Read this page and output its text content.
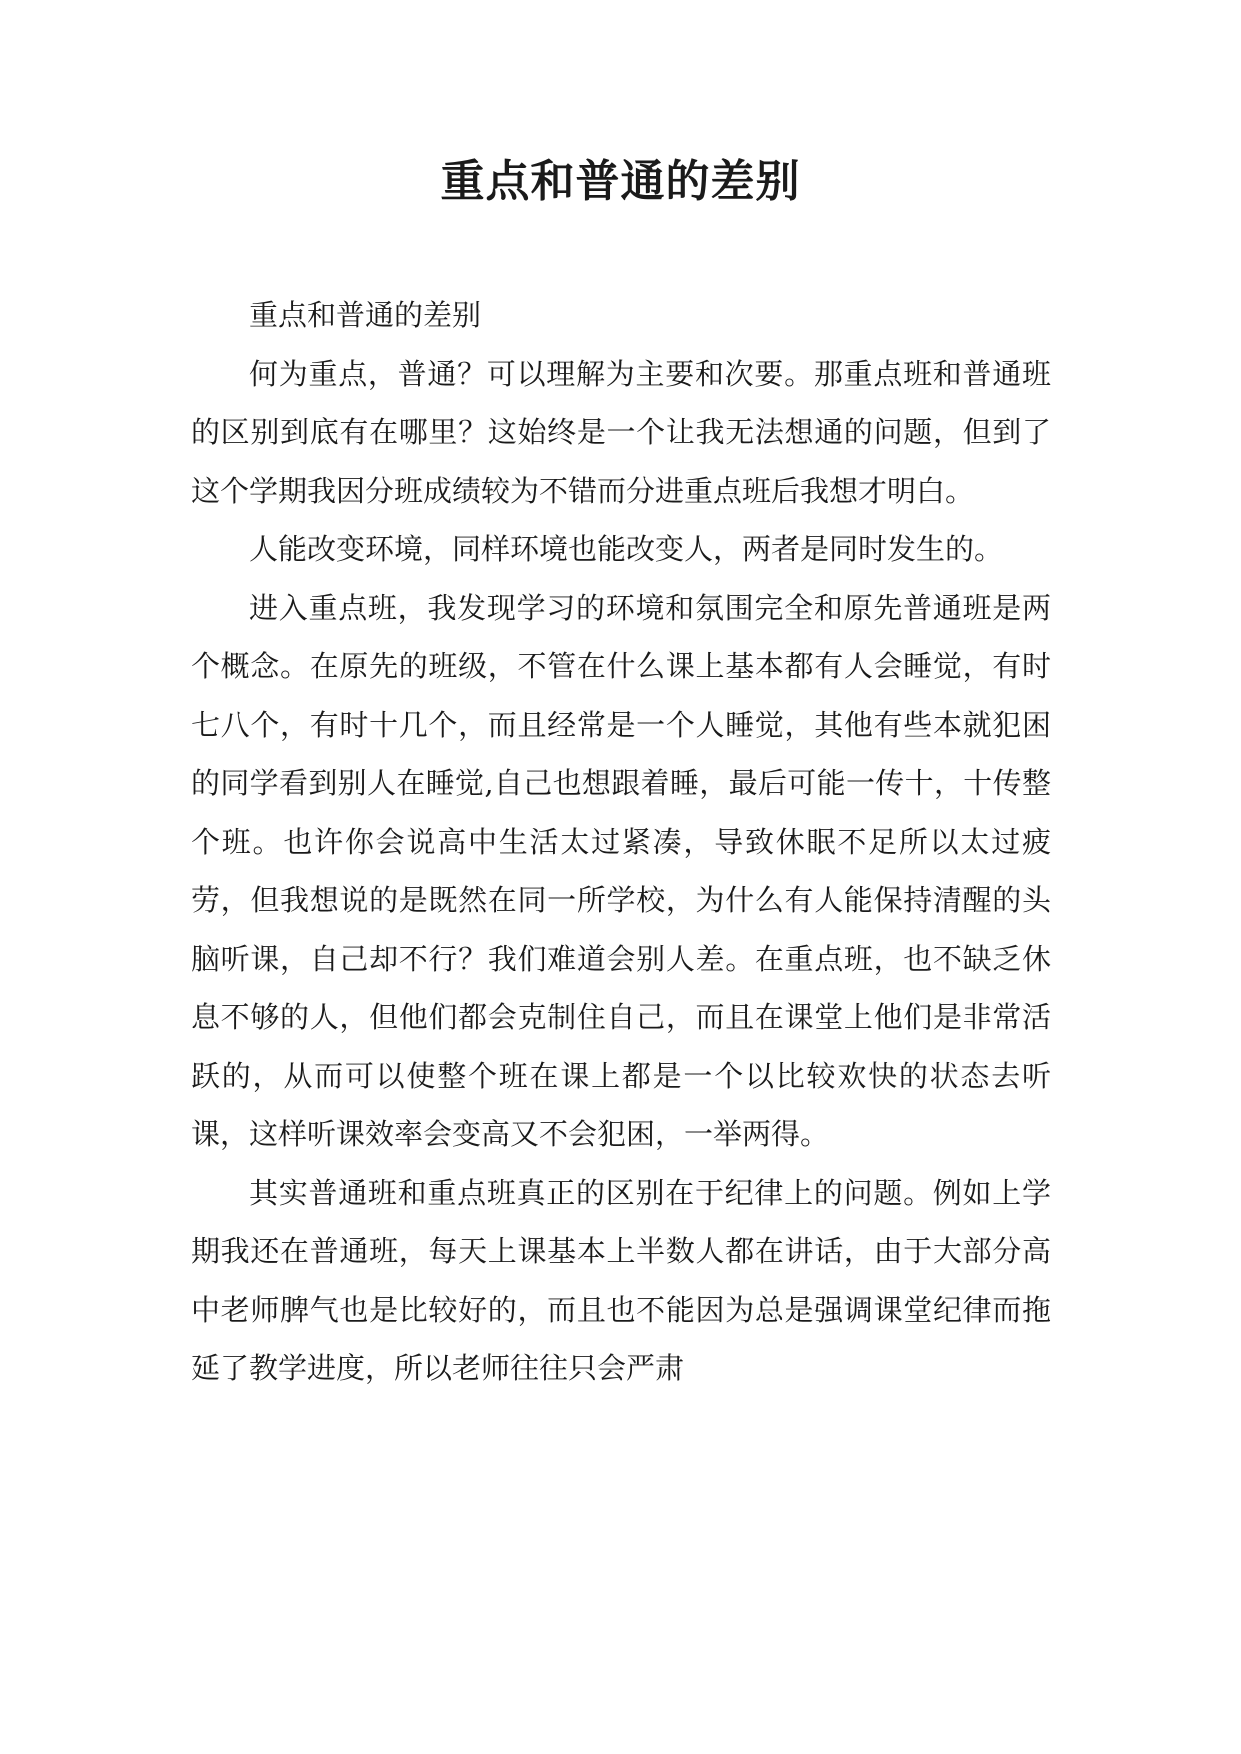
重点和普通的差别

重点和普通的差别

何为重点，普通？可以理解为主要和次要。那重点班和普通班的区别到底有在哪里？这始终是一个让我无法想通的问题，但到了这个学期我因分班成绩较为不错而分进重点班后我想才明白。

人能改变环境，同样环境也能改变人，两者是同时发生的。

进入重点班，我发现学习的环境和氛围完全和原先普通班是两个概念。在原先的班级，不管在什么课上基本都有人会睡觉，有时七八个，有时十几个，而且经常是一个人睡觉，其他有些本就犯困的同学看到别人在睡觉,自己也想跟着睡，最后可能一传十，十传整个班。也许你会说高中生活太过紧凑，导致休眠不足所以太过疲劳，但我想说的是既然在同一所学校，为什么有人能保持清醒的头脑听课，自己却不行？我们难道会别人差。在重点班，也不缺乏休息不够的人，但他们都会克制住自己，而且在课堂上他们是非常活跃的，从而可以使整个班在课上都是一个以比较欢快的状态去听课，这样听课效率会变高又不会犯困，一举两得。

其实普通班和重点班真正的区别在于纪律上的问题。例如上学期我还在普通班，每天上课基本上半数人都在讲话，由于大部分高中老师脾气也是比较好的，而且也不能因为总是强调课堂纪律而拖延了教学进度，所以老师往往只会严肃
